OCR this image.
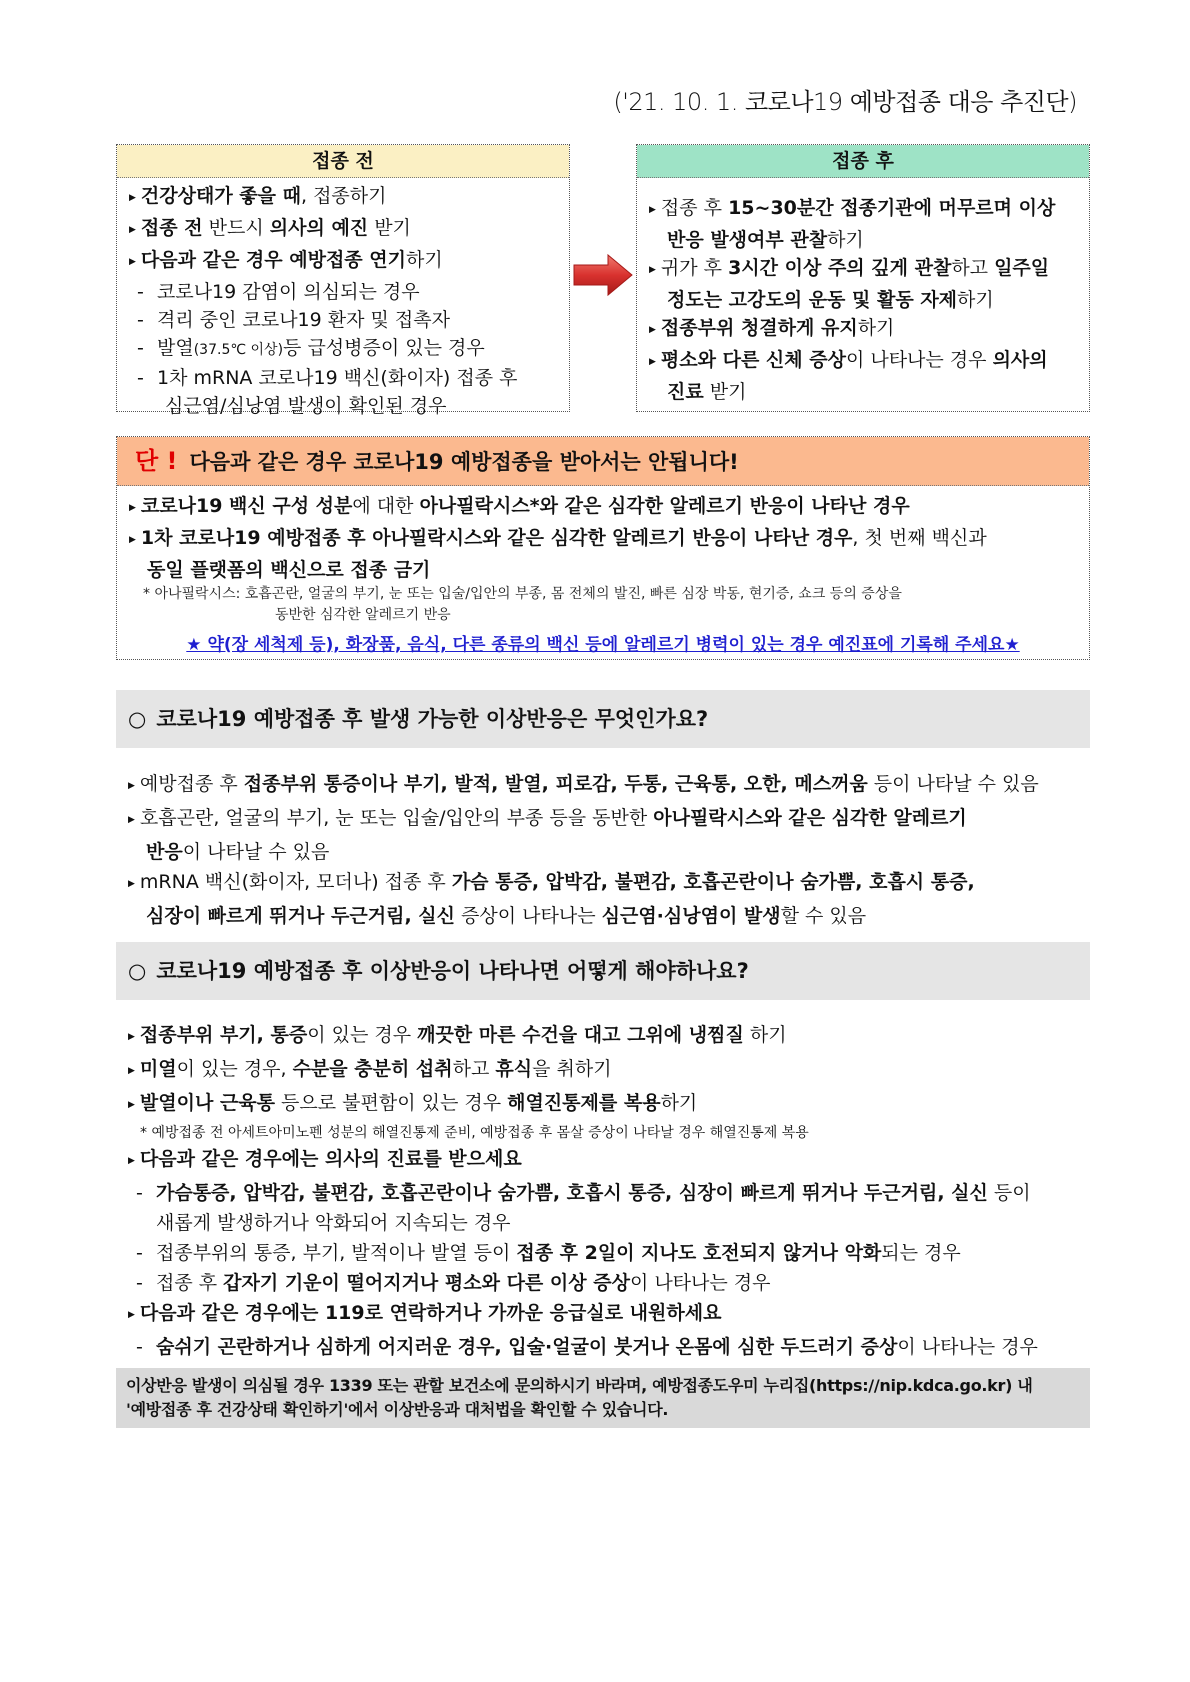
('21. 10. 1. 코로나19 예방접종 대응 추진단)
접종 전
▶ 건강상태가 좋을 때, 접종하기
▶ 접종 전 반드시 의사의 예진 받기
▶ 다음과 같은 경우 예방접종 연기하기
- 코로나19 감염이 의심되는 경우
- 격리 중인 코로나19 환자 및 접촉자
- 발열(37.5℃ 이상)등 급성병증이 있는 경우
- 1차 mRNA 코로나19 백신(화이자) 접종 후
심근염/심낭염 발생이 확인된 경우
접종 후
▶ 접종 후 15~30분간 접종기관에 머무르며 이상
반응 발생여부 관찰하기
▶ 귀가 후 3시간 이상 주의 깊게 관찰하고 일주일
정도는 고강도의 운동 및 활동 자제하기
▶ 접종부위 청결하게 유지하기
▶ 평소와 다른 신체 증상이 나타나는 경우 의사의
진료 받기
단 ! 다음과 같은 경우 코로나19 예방접종을 받아서는 안됩니다!
▶ 코로나19 백신 구성 성분에 대한 아나필락시스*와 같은 심각한 알레르기 반응이 나타난 경우
▶ 1차 코로나19 예방접종 후 아나필락시스와 같은 심각한 알레르기 반응이 나타난 경우, 첫 번째 백신과
동일 플랫폼의 백신으로 접종 금기
* 아나필락시스: 호흡곤란, 얼굴의 부기, 눈 또는 입술/입안의 부종, 몸 전체의 발진, 빠른 심장 박동, 현기증, 쇼크 등의 증상을
동반한 심각한 알레르기 반응
★ 약(장 세척제 등), 화장품, 음식, 다른 종류의 백신 등에 알레르기 병력이 있는 경우 예진표에 기록해 주세요★
○ 코로나19 예방접종 후 발생 가능한 이상반응은 무엇인가요?
▶ 예방접종 후 접종부위 통증이나 부기, 발적, 발열, 피로감, 두통, 근육통, 오한, 메스꺼움 등이 나타날 수 있음
▶ 호흡곤란, 얼굴의 부기, 눈 또는 입술/입안의 부종 등을 동반한 아나필락시스와 같은 심각한 알레르기
반응이 나타날 수 있음
▶ mRNA 백신(화이자, 모더나) 접종 후 가슴 통증, 압박감, 불편감, 호흡곤란이나 숨가쁨, 호흡시 통증,
심장이 빠르게 뛰거나 두근거림, 실신 증상이 나타나는 심근염·심낭염이 발생할 수 있음
○ 코로나19 예방접종 후 이상반응이 나타나면 어떻게 해야하나요?
▶ 접종부위 부기, 통증이 있는 경우 깨끗한 마른 수건을 대고 그위에 냉찜질 하기
▶ 미열이 있는 경우, 수분을 충분히 섭취하고 휴식을 취하기
▶ 발열이나 근육통 등으로 불편함이 있는 경우 해열진통제를 복용하기
* 예방접종 전 아세트아미노펜 성분의 해열진통제 준비, 예방접종 후 몸살 증상이 나타날 경우 해열진통제 복용
▶ 다음과 같은 경우에는 의사의 진료를 받으세요
- 가슴통증, 압박감, 불편감, 호흡곤란이나 숨가쁨, 호흡시 통증, 심장이 빠르게 뛰거나 두근거림, 실신 등이
새롭게 발생하거나 악화되어 지속되는 경우
- 접종부위의 통증, 부기, 발적이나 발열 등이 접종 후 2일이 지나도 호전되지 않거나 악화되는 경우
- 접종 후 갑자기 기운이 떨어지거나 평소와 다른 이상 증상이 나타나는 경우
▶ 다음과 같은 경우에는 119로 연락하거나 가까운 응급실로 내원하세요
- 숨쉬기 곤란하거나 심하게 어지러운 경우, 입술·얼굴이 붓거나 온몸에 심한 두드러기 증상이 나타나는 경우
이상반응 발생이 의심될 경우 1339 또는 관할 보건소에 문의하시기 바라며, 예방접종도우미 누리집(https://nip.kdca.go.kr) 내
'예방접종 후 건강상태 확인하기'에서 이상반응과 대처법을 확인할 수 있습니다.
